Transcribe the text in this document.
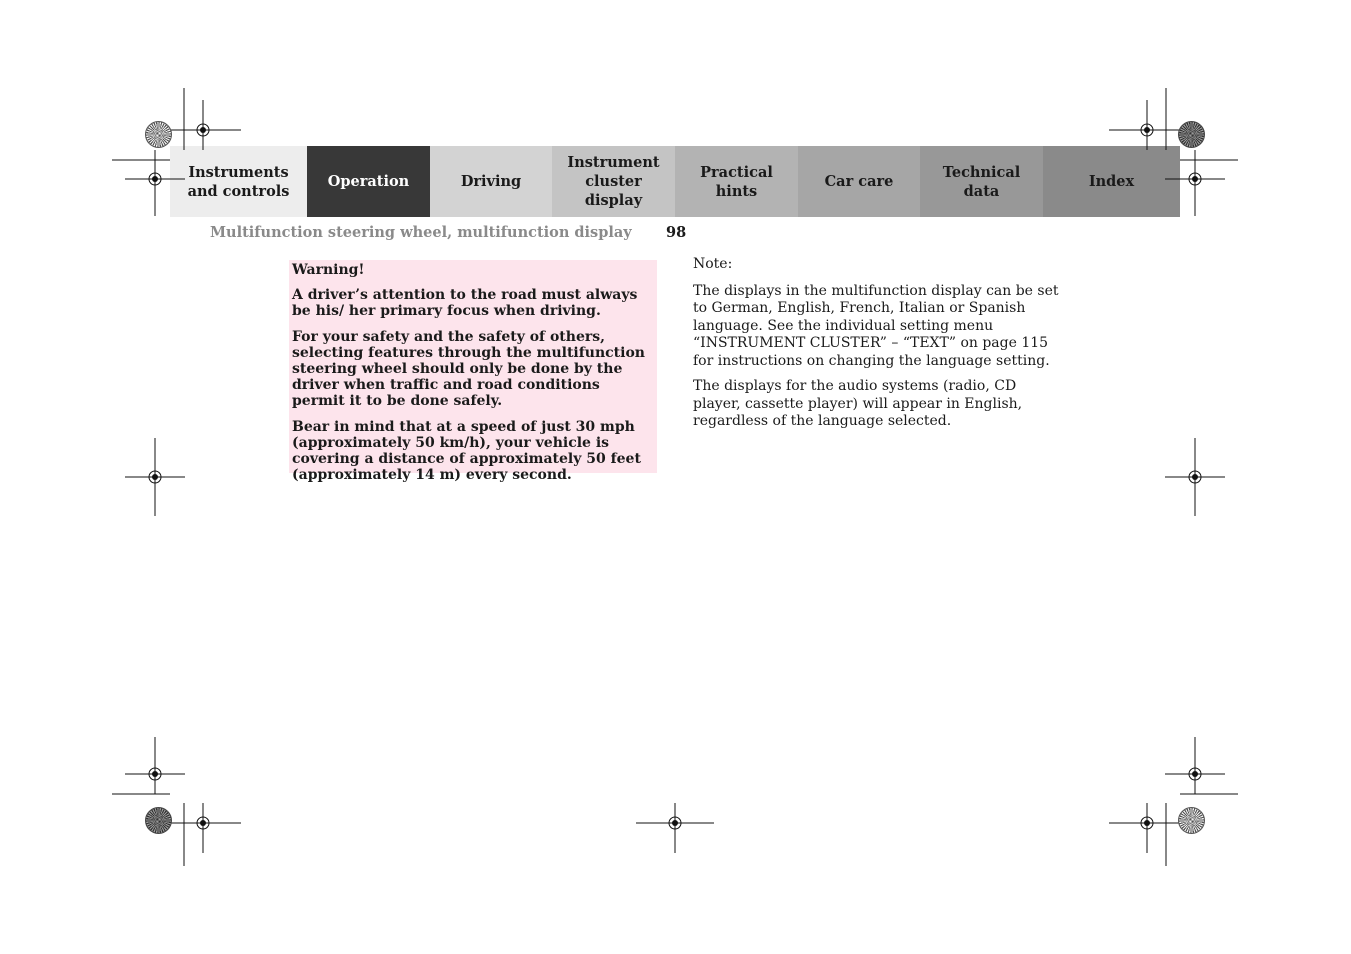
Instruments
and controls
Operation	Driving
Instrument
cluster display
Practical hints
Car care
Technical
data
Index
Multifunction steering wheel, multifunction display 98

Warning!

A driver’s attention to the road must always be his/ her primary focus when driving.

For your safety and the safety of others, selecting features through the multifunction steering wheel should only be done by the driver when traffic and road conditions permit it to be done safely.

Bear in mind that at a speed of just 30 mph (approximately 50 km/h), your vehicle is covering a distance of approximately 50 feet (approximately 14 m) every second.

Note:

The displays in the multifunction display can be set to German, English, French, Italian or Spanish language. See the individual setting menu “INSTRUMENT CLUSTER” – “TEXT” on page 115 for instructions on changing the language setting.

The displays for the audio systems (radio, CD player, cassette player) will appear in English, regardless of the language selected.
